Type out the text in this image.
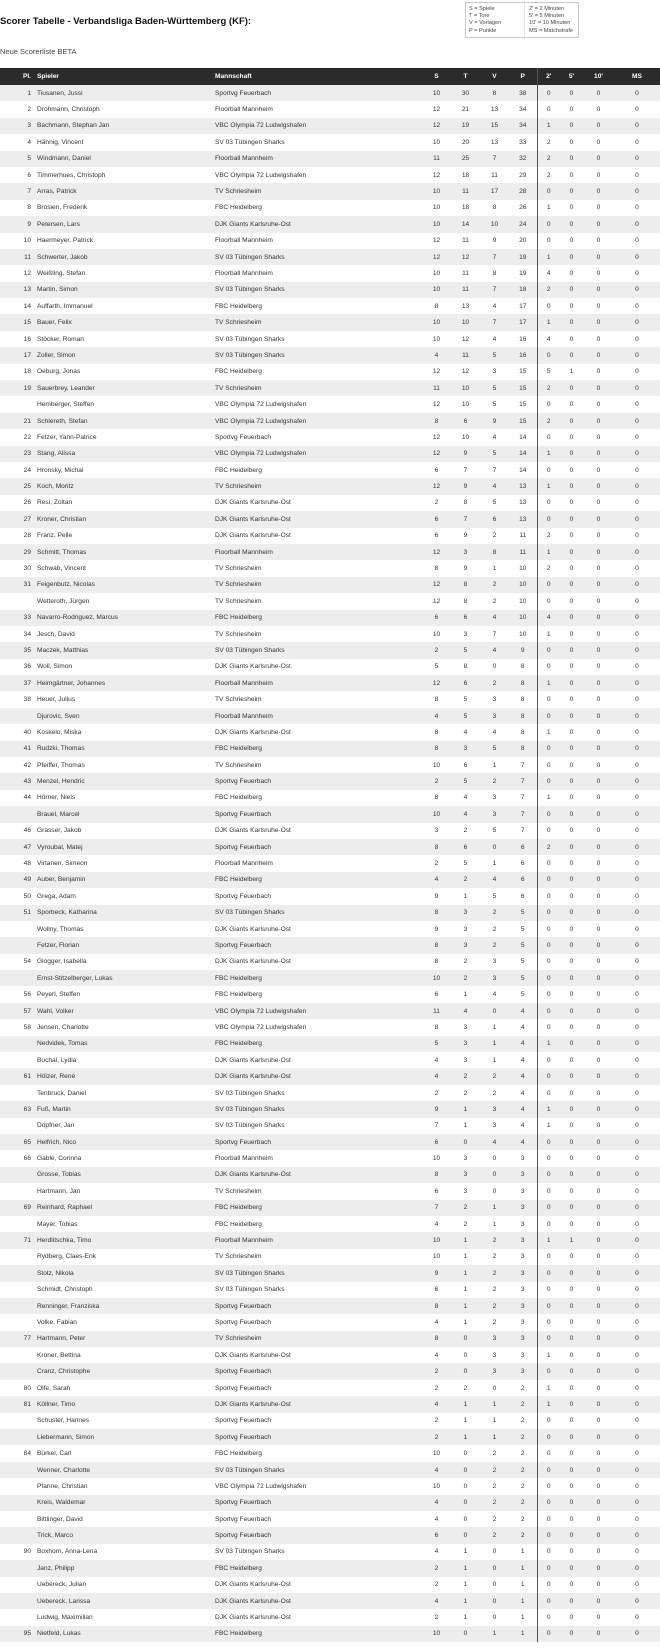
Scorer Tabelle - Verbandsliga Baden-Württemberg (KF):
Neue Scorerliste BETA
S = Spiele
T = Tore
V = Vorlagen
P = Punkte
2' = 2 Minuten
5' = 5 Minuten
10' = 10 Minuten
MS = Matchstrafe
Pl.	Spieler	Mannschaft	S	T	V	P	2'	5'	10'	MS
1	Tiusanen, Jussi	Sportvg Feuerbach	10	30	8	38	0	0	0	0
2	Drohmann, Christoph	Floorball Mannheim	12	21	13	34	0	0	0	0
3	Bachmann, Stephan Jan	VBC Olympia 72 Ludwigshafen	12	19	15	34	1	0	0	0
4	Hähnig, Vincent	SV 03 Tübingen Sharks	10	20	13	33	2	0	0	0
5	Windmann, Daniel	Floorball Mannheim	11	25	7	32	2	0	0	0
6	Timmerhues, Christoph	VBC Olympia 72 Ludwigshafen	12	18	11	29	2	0	0	0
7	Arras, Patrick	TV Schriesheim	10	11	17	28	0	0	0	0
8	Brosien, Frederik	FBC Heidelberg	10	18	8	26	1	0	0	0
9	Petersen, Lars	DJK Giants Karlsruhe-Ost	10	14	10	24	0	0	0	0
10	Haermeyer, Patrick	Floorball Mannheim	12	11	9	20	0	0	0	0
11	Schwerter, Jakob	SV 03 Tübingen Sharks	12	12	7	19	1	0	0	0
12	Weißling, Stefan	Floorball Mannheim	10	11	8	19	4	0	0	0
13	Martin, Simon	SV 03 Tübingen Sharks	10	11	7	18	2	0	0	0
14	Auffarth, Immanuel	FBC Heidelberg	8	13	4	17	0	0	0	0
15	Bauer, Felix	TV Schriesheim	10	10	7	17	1	0	0	0
16	Stöcker, Roman	SV 03 Tübingen Sharks	10	12	4	16	4	0	0	0
17	Zoller, Simon	SV 03 Tübingen Sharks	4	11	5	16	0	0	0	0
18	Oeburg, Jonas	FBC Heidelberg	12	12	3	15	5	1	0	0
19	Sauerbrey, Leander	TV Schriesheim	11	10	5	15	2	0	0	0
	Hemberger, Steffen	VBC Olympia 72 Ludwigshafen	12	10	5	15	0	0	0	0
21	Schlereth, Stefan	VBC Olympia 72 Ludwigshafen	8	6	9	15	2	0	0	0
22	Fetzer, Yann-Patrice	Sportvg Feuerbach	12	10	4	14	0	0	0	0
23	Stang, Alissa	VBC Olympia 72 Ludwigshafen	12	9	5	14	1	0	0	0
24	Hronsky, Michal	FBC Heidelberg	6	7	7	14	0	0	0	0
25	Koch, Moritz	TV Schriesheim	12	9	4	13	1	0	0	0
26	Resi, Zoltan	DJK Giants Karlsruhe-Ost	2	8	5	13	0	0	0	0
27	Kroner, Christian	DJK Giants Karlsruhe-Ost	6	7	6	13	0	0	0	0
28	Franz, Pelle	DJK Giants Karlsruhe-Ost	6	9	2	11	2	0	0	0
29	Schmitt, Thomas	Floorball Mannheim	12	3	8	11	1	0	0	0
30	Schwab, Vincent	TV Schriesheim	8	9	1	10	2	0	0	0
31	Feigenbutz, Nicolas	TV Schriesheim	12	8	2	10	0	0	0	0
	Wetteroth, Jürgen	TV Schriesheim	12	8	2	10	0	0	0	0
33	Navarro-Rodriguez, Marcus	FBC Heidelberg	6	6	4	10	4	0	0	0
34	Jesch, David	TV Schriesheim	10	3	7	10	1	0	0	0
35	Maczek, Matthias	SV 03 Tübingen Sharks	2	5	4	9	0	0	0	0
36	Woll, Simon	DJK Giants Karlsruhe-Ost	5	8	0	8	0	0	0	0
37	Heimgärtner, Johannes	Floorball Mannheim	12	6	2	8	1	0	0	0
38	Heuer, Julius	TV Schriesheim	8	5	3	8	0	0	0	0
	Djurovic, Sven	Floorball Mannheim	4	5	3	8	0	0	0	0
40	Koskelo, Miska	DJK Giants Karlsruhe-Ost	8	4	4	8	1	0	0	0
41	Rudzki, Thomas	FBC Heidelberg	8	3	5	8	0	0	0	0
42	Pfeiffer, Thomas	TV Schriesheim	10	6	1	7	0	0	0	0
43	Menzel, Hendric	Sportvg Feuerbach	2	5	2	7	0	0	0	0
44	Hörner, Niels	FBC Heidelberg	8	4	3	7	1	0	0	0
	Brauel, Marcel	Sportvg Feuerbach	10	4	3	7	0	0	0	0
46	Grasser, Jakob	DJK Giants Karlsruhe-Ost	3	2	5	7	0	0	0	0
47	Vyroubal, Matej	Sportvg Feuerbach	8	6	0	6	2	0	0	0
48	Virtanen, Simeon	Floorball Mannheim	2	5	1	6	0	0	0	0
49	Auber, Benjamin	FBC Heidelberg	4	2	4	6	0	0	0	0
50	Grega, Adam	Sportvg Feuerbach	9	1	5	6	0	0	0	0
51	Sporbeck, Katharina	SV 03 Tübingen Sharks	8	3	2	5	0	0	0	0
	Wollny, Thomas	DJK Giants Karlsruhe-Ost	9	3	2	5	0	0	0	0
	Fetzer, Florian	Sportvg Feuerbach	8	3	2	5	0	0	0	0
54	Glogger, Isabella	DJK Giants Karlsruhe-Ost	8	2	3	5	0	0	0	0
	Ernst-Stitzelberger, Lukas	FBC Heidelberg	10	2	3	5	0	0	0	0
56	Peyerl, Steffen	FBC Heidelberg	6	1	4	5	0	0	0	0
57	Wahl, Volker	VBC Olympia 72 Ludwigshafen	11	4	0	4	0	0	0	0
58	Jensen, Charlotte	VBC Olympia 72 Ludwigshafen	8	3	1	4	0	0	0	0
	Nedvidek, Tomas	FBC Heidelberg	5	3	1	4	1	0	0	0
	Buchal, Lydia	DJK Giants Karlsruhe-Ost	4	3	1	4	0	0	0	0
61	Hölzer, René	DJK Giants Karlsruhe-Ost	4	2	2	4	0	0	0	0
	Tenbruck, Daniel	SV 03 Tübingen Sharks	2	2	2	4	0	0	0	0
63	Fuß, Martin	SV 03 Tübingen Sharks	9	1	3	4	1	0	0	0
	Döpfner, Jan	SV 03 Tübingen Sharks	7	1	3	4	1	0	0	0
65	Helfrich, Nico	Sportvg Feuerbach	6	0	4	4	0	0	0	0
66	Gable, Corinna	Floorball Mannheim	10	3	0	3	0	0	0	0
	Grosse, Tobias	DJK Giants Karlsruhe-Ost	8	3	0	3	0	0	0	0
	Hartmann, Jan	TV Schriesheim	6	3	0	3	0	0	0	0
69	Reinhard, Raphael	FBC Heidelberg	7	2	1	3	0	0	0	0
	Mayer, Tobias	FBC Heidelberg	4	2	1	3	0	0	0	0
71	Herdlitschka, Timo	Floorball Mannheim	10	1	2	3	1	1	0	0
	Rydberg, Claes-Erik	TV Schriesheim	10	1	2	3	0	0	0	0
	Stolz, Nikola	SV 03 Tübingen Sharks	9	1	2	3	0	0	0	0
	Schmidt, Christoph	SV 03 Tübingen Sharks	6	1	2	3	0	0	0	0
	Renninger, Franziska	Sportvg Feuerbach	8	1	2	3	0	0	0	0
	Volke, Fabian	Sportvg Feuerbach	4	1	2	3	0	0	0	0
77	Hartmann, Peter	TV Schriesheim	8	0	3	3	0	0	0	0
	Kroner, Bettina	DJK Giants Karlsruhe-Ost	4	0	3	3	1	0	0	0
	Cranz, Christophe	Sportvg Feuerbach	2	0	3	3	0	0	0	0
80	Olfe, Sarah	Sportvg Feuerbach	2	2	0	2	1	0	0	0
81	Köllner, Timo	DJK Giants Karlsruhe-Ost	4	1	1	2	1	0	0	0
	Schuster, Hannes	Sportvg Feuerbach	2	1	1	2	0	0	0	0
	Liebermann, Simon	Sportvg Feuerbach	2	1	1	2	0	0	0	0
84	Bürkel, Carl	FBC Heidelberg	10	0	2	2	0	0	0	0
	Wenner, Charlotte	SV 03 Tübingen Sharks	4	0	2	2	0	0	0	0
	Pfanne, Christian	VBC Olympia 72 Ludwigshafen	10	0	2	2	0	0	0	0
	Kreis, Waldemar	Sportvg Feuerbach	4	0	2	2	0	0	0	0
	Bittlinger, David	Sportvg Feuerbach	4	0	2	2	0	0	0	0
	Trick, Marco	Sportvg Feuerbach	6	0	2	2	0	0	0	0
90	Boxhorn, Anna-Lena	SV 03 Tübingen Sharks	4	1	0	1	0	0	0	0
	Janz, Philipp	FBC Heidelberg	2	1	0	1	0	0	0	0
	Uebereck, Julian	DJK Giants Karlsruhe-Ost	2	1	0	1	0	0	0	0
	Uebereck, Larissa	DJK Giants Karlsruhe-Ost	4	1	0	1	0	0	0	0
	Ludwig, Maximilian	DJK Giants Karlsruhe-Ost	2	1	0	1	0	0	0	0
95	Nietfeld, Lukas	FBC Heidelberg	10	0	1	1	0	0	0	0
